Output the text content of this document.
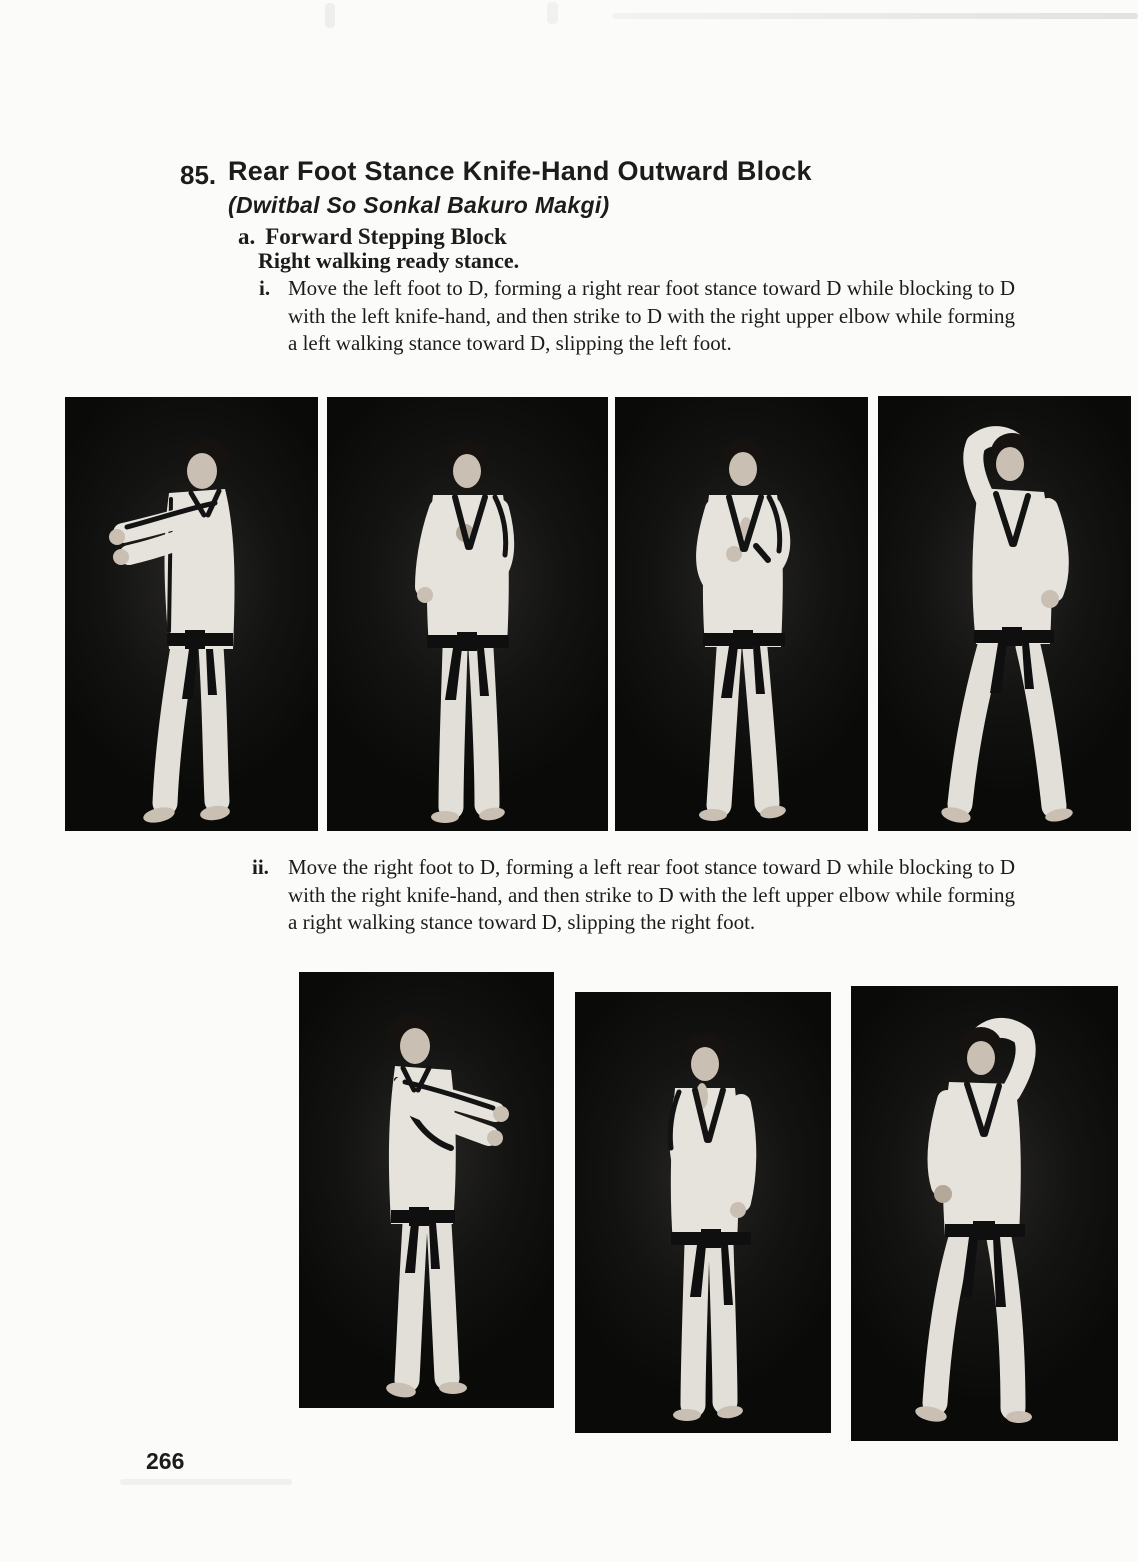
85. Rear Foot Stance Knife-Hand Outward Block
(Dwitbal So Sonkal Bakuro Makgi)
a. Forward Stepping Block
Right walking ready stance.
i. Move the left foot to D, forming a right rear foot stance toward D while blocking to D with the left knife-hand, and then strike to D with the right upper elbow while forming a left walking stance toward D, slipping the left foot.
ii. Move the right foot to D, forming a left rear foot stance toward D while blocking to D with the right knife-hand, and then strike to D with the left upper elbow while forming a right walking stance toward D, slipping the right foot.
266
